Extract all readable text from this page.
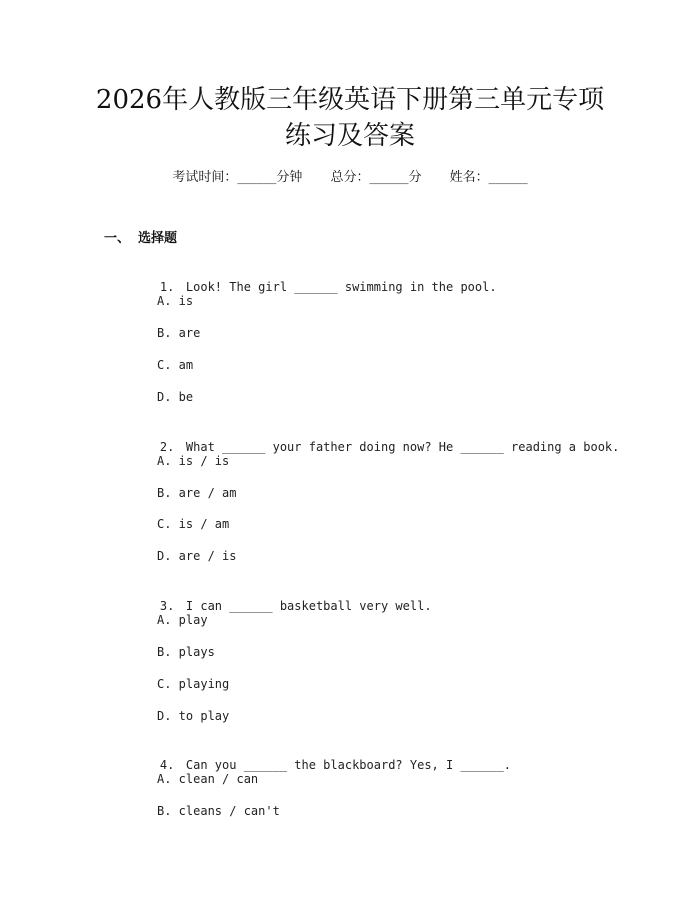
2026年人教版三年级英语下册第三单元专项
练习及答案
考试时间：______分钟 总分：______分 姓名：______
一、 选择题

1. Look! The girl ______ swimming in the pool.

A. is
B. are
C. am
D. be

2. What ______ your father doing now? He ______ reading a book.

A. is / is
B. are / am
C. is / am
D. are / is

3. I can ______ basketball very well.

A. play
B. plays
C. playing
D. to play

4. Can you ______ the blackboard? Yes, I ______.

A. clean / can
B. cleans / can't
